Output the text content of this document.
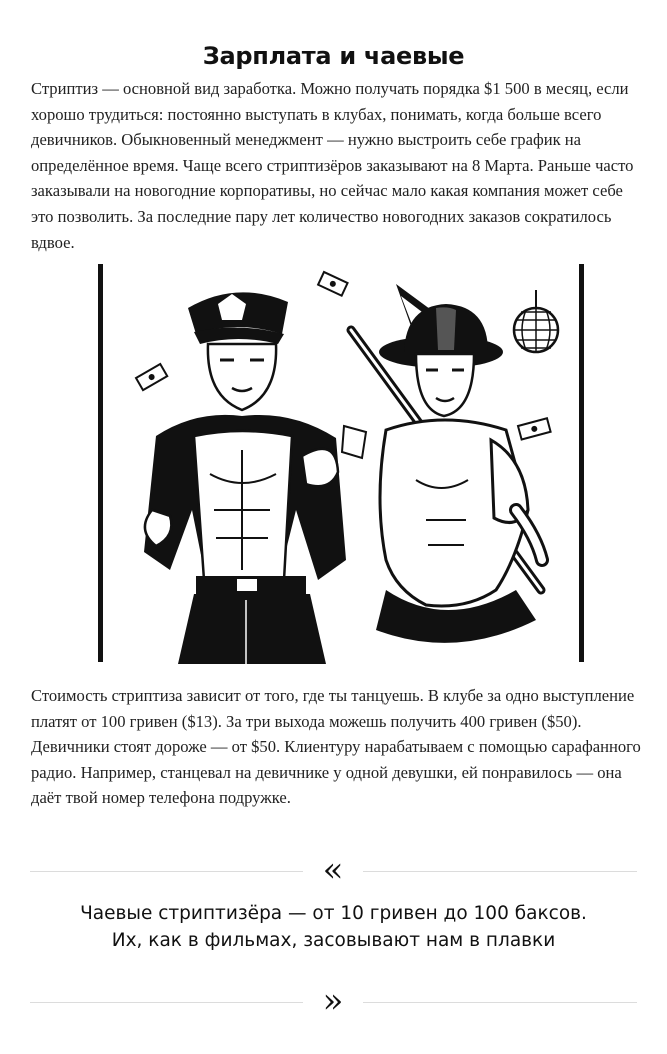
Зарплата и чаевые

Стриптиз — основной вид заработка. Можно получать порядка $1 500 в месяц, если хорошо трудиться: постоянно выступать в клубах, понимать, когда больше всего девичников. Обыкновенный менеджмент — нужно выстроить себе график на определённое время. Чаще всего стриптизёров заказывают на 8 Марта. Раньше часто заказывали на новогодние корпоративы, но сейчас мало какая компания может себе это позволить. За последние пару лет количество новогодних заказов сократилось вдвое.

Стоимость стриптиза зависит от того, где ты танцуешь. В клубе за одно выступление платят от 100 гривен ($13). За три выхода можешь получить 400 гривен ($50). Девичники стоят дороже — от $50. Клиентуру нарабатываем с помощью сарафанного радио. Например, станцевал на девичнике у одной девушки, ей понравилось — она даёт твой номер телефона подружке.

«

Чаевые стриптизёра — от 10 гривен до 100 баксов.
Их, как в фильмах, засовывают нам в плавки

»
